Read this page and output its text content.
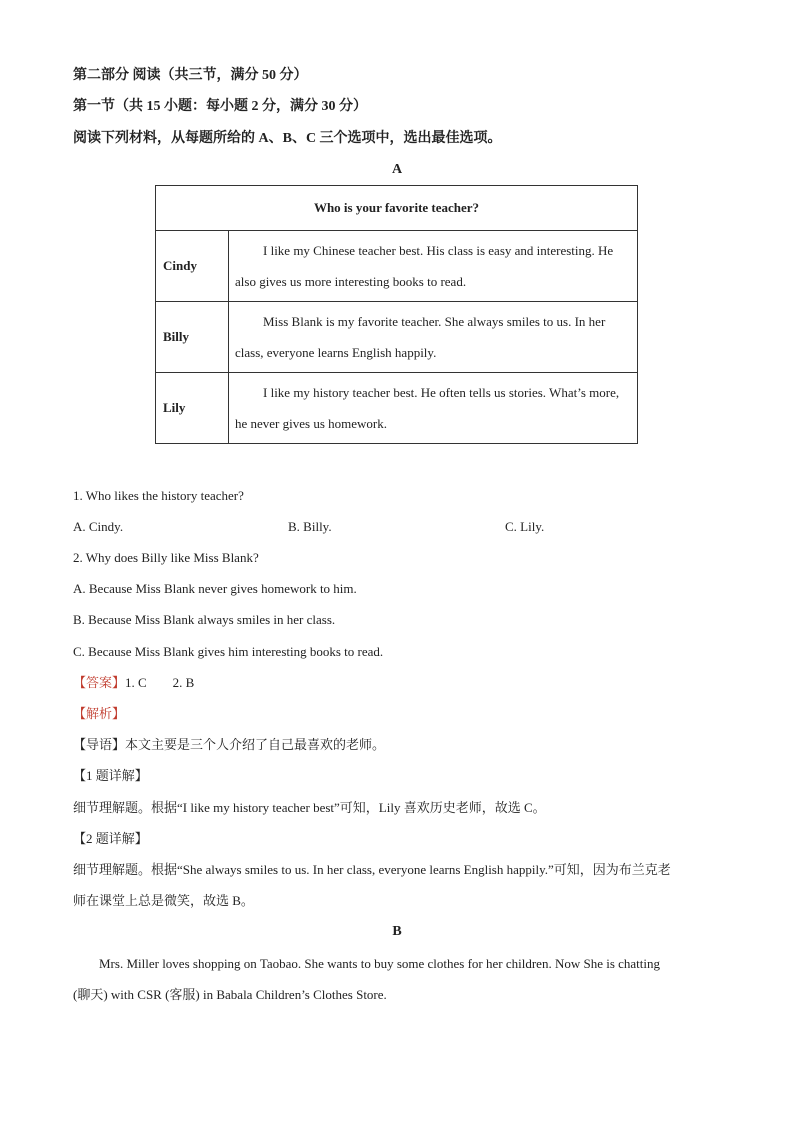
第二部分 阅读（共三节，满分 50 分）
第一节（共 15 小题：每小题 2 分，满分 30 分）
阅读下列材料，从每题所给的 A、B、C 三个选项中，选出最佳选项。
A
Who is your favorite teacher?	
Cindy	I like my Chinese teacher best. His class is easy and interesting. He also gives us more interesting books to read.
Billy	Miss Blank is my favorite teacher. She always smiles to us. In her class, everyone learns English happily.
Lily	I like my history teacher best. He often tells us stories. What’s more, he never gives us homework.
1. Who likes the history teacher?
A. Cindy.	B. Billy.	C. Lily.
2. Why does Billy like Miss Blank?
A. Because Miss Blank never gives homework to him.
B. Because Miss Blank always smiles in her class.
C. Because Miss Blank gives him interesting books to read.
【答案】1. C        2. B
【解析】
【导语】本文主要是三个人介绍了自己最喜欢的老师。
【1 题详解】
细节理解题。根据“I like my history teacher best”可知，Lily 喜欢历史老师，故选 C。
【2 题详解】
细节理解题。根据“She always smiles to us. In her class, everyone learns English happily.”可知，因为布兰克老
师在课堂上总是微笑，故选 B。
B
Mrs. Miller loves shopping on Taobao. She wants to buy some clothes for her children. Now She is chatting
(聊天) with CSR (客服) in Babala Children’s Clothes Store.
